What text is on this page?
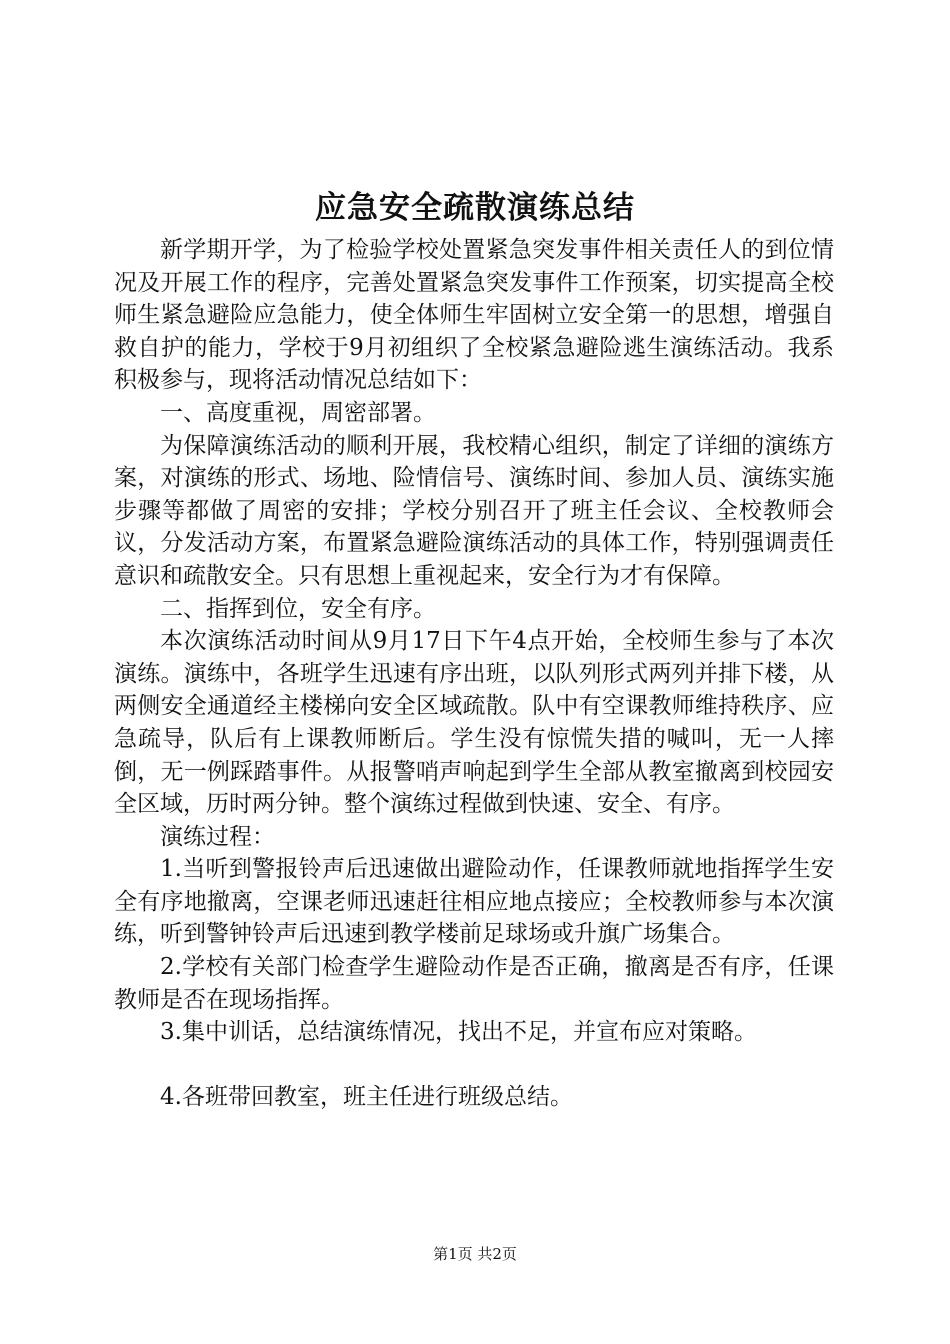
应急安全疏散演练总结

新学期开学，为了检验学校处置紧急突发事件相关责任人的到位情况及开展工作的程序，完善处置紧急突发事件工作预案，切实提高全校师生紧急避险应急能力，使全体师生牢固树立安全第一的思想，增强自救自护的能力，学校于9月初组织了全校紧急避险逃生演练活动。我系积极参与，现将活动情况总结如下：

一、高度重视，周密部署。

为保障演练活动的顺利开展，我校精心组织，制定了详细的演练方案，对演练的形式、场地、险情信号、演练时间、参加人员、演练实施步骤等都做了周密的安排；学校分别召开了班主任会议、全校教师会议，分发活动方案，布置紧急避险演练活动的具体工作，特别强调责任意识和疏散安全。只有思想上重视起来，安全行为才有保障。

二、指挥到位，安全有序。

本次演练活动时间从9月17日下午4点开始，全校师生参与了本次演练。演练中，各班学生迅速有序出班，以队列形式两列并排下楼，从两侧安全通道经主楼梯向安全区域疏散。队中有空课教师维持秩序、应急疏导，队后有上课教师断后。学生没有惊慌失措的喊叫，无一人摔倒，无一例踩踏事件。从报警哨声响起到学生全部从教室撤离到校园安全区域，历时两分钟。整个演练过程做到快速、安全、有序。

演练过程：

1.当听到警报铃声后迅速做出避险动作，任课教师就地指挥学生安全有序地撤离，空课老师迅速赶往相应地点接应；全校教师参与本次演练，听到警钟铃声后迅速到教学楼前足球场或升旗广场集合。

2.学校有关部门检查学生避险动作是否正确，撤离是否有序，任课教师是否在现场指挥。

3.集中训话，总结演练情况，找出不足，并宣布应对策略。

4.各班带回教室，班主任进行班级总结。

第1页 共2页
